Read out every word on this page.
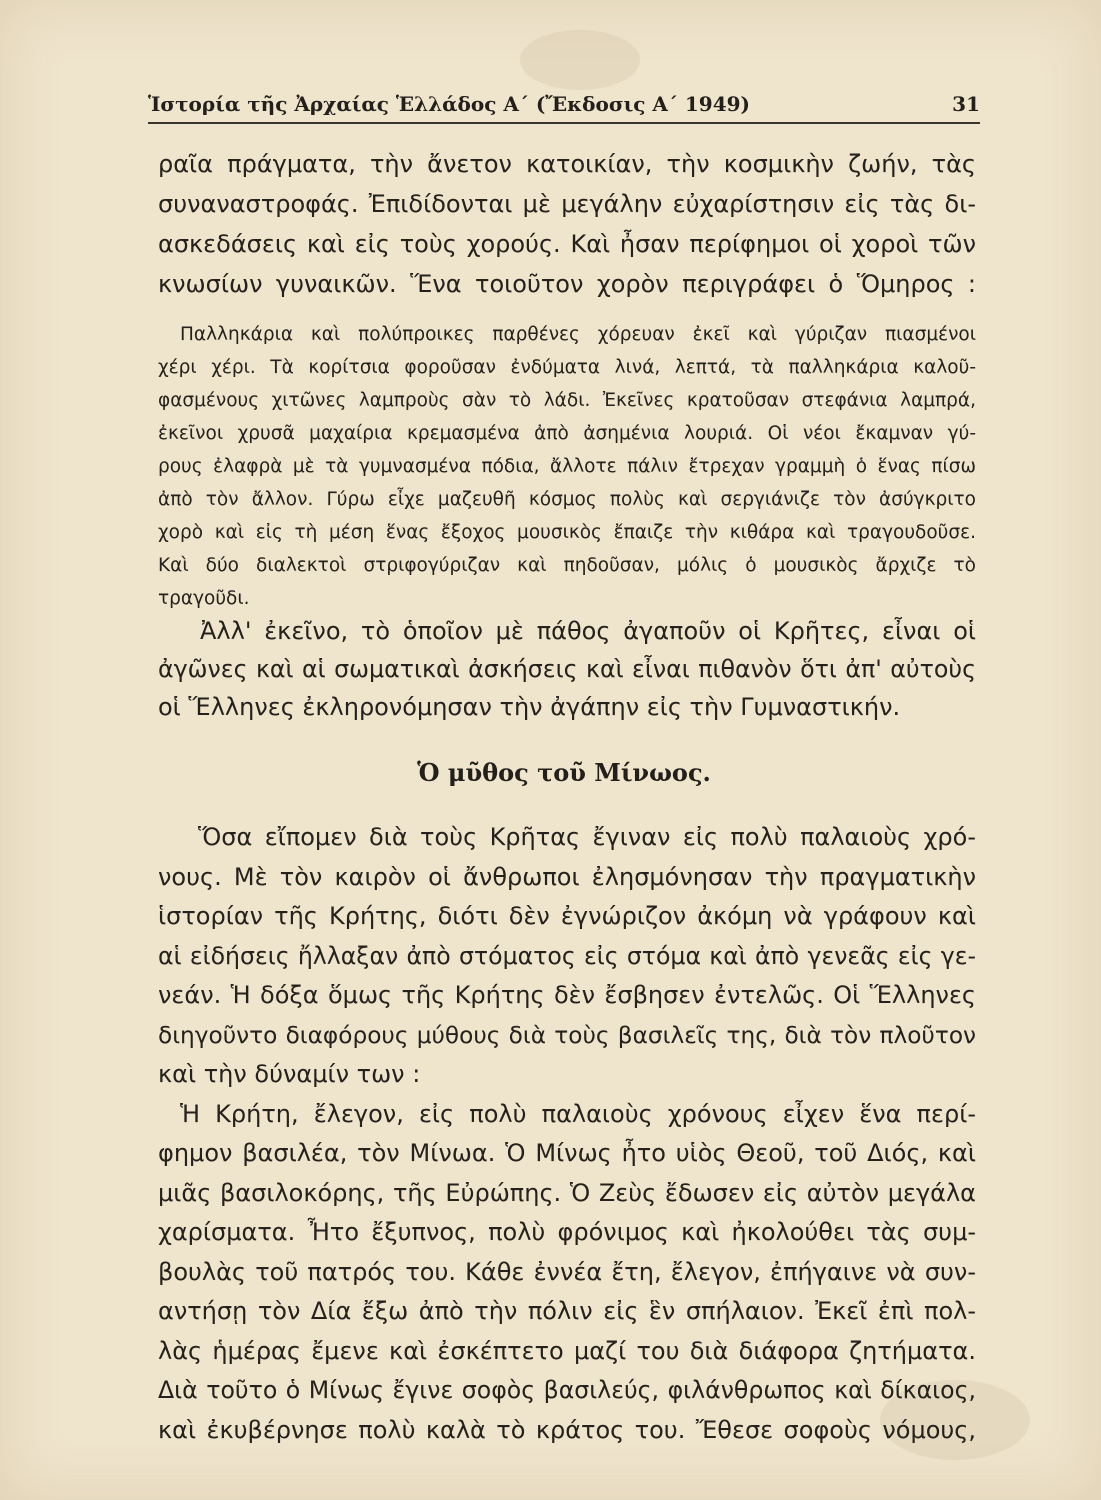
Ἱστορία τῆς Ἀρχαίας Ἑλλάδος Α΄ (Ἔκδοσις Α΄ 1949)	31
ραῖα πράγματα, τὴν ἄνετον κατοικίαν, τὴν κοσμικὴν ζωήν, τὰς
συναναστροφάς. Ἐπιδίδονται μὲ μεγάλην εὐχαρίστησιν εἰς τὰς δι-
ασκεδάσεις καὶ εἰς τοὺς χορούς. Καὶ ἦσαν περίφημοι οἱ χοροὶ τῶν
κνωσίων γυναικῶν. Ἕνα τοιοῦτον χορὸν περιγράφει ὁ Ὅμηρος :
Παλληκάρια καὶ πολύπροικες παρθένες χόρευαν ἐκεῖ καὶ γύριζαν πιασμένοι
χέρι χέρι. Τὰ κορίτσια φοροῦσαν ἐνδύματα λινά, λεπτά, τὰ παλληκάρια καλοῦ-
φασμένους χιτῶνες λαμπροὺς σὰν τὸ λάδι. Ἐκεῖνες κρατοῦσαν στεφάνια λαμπρά,
ἐκεῖνοι χρυσᾶ μαχαίρια κρεμασμένα ἀπὸ ἀσημένια λουριά. Οἱ νέοι ἔκαμναν γύ-
ρους ἐλαφρὰ μὲ τὰ γυμνασμένα πόδια, ἄλλοτε πάλιν ἔτρεχαν γραμμὴ ὁ ἕνας πίσω
ἀπὸ τὸν ἄλλον. Γύρω εἶχε μαζευθῆ κόσμος πολὺς καὶ σεργιάνιζε τὸν ἀσύγκριτο
χορὸ καὶ εἰς τὴ μέση ἕνας ἔξοχος μουσικὸς ἔπαιζε τὴν κιθάρα καὶ τραγουδοῦσε.
Καὶ δύο διαλεκτοὶ στριφογύριζαν καὶ πηδοῦσαν, μόλις ὁ μουσικὸς ἄρχιζε τὸ
τραγοῦδι.
Ἀλλ' ἐκεῖνο, τὸ ὁποῖον μὲ πάθος ἀγαποῦν οἱ Κρῆτες, εἶναι οἱ
ἀγῶνες καὶ αἱ σωματικαὶ ἀσκήσεις καὶ εἶναι πιθανὸν ὅτι ἀπ' αὐτοὺς
οἱ Ἕλληνες ἐκληρονόμησαν τὴν ἀγάπην εἰς τὴν Γυμναστικήν.
Ὁ μῦθος τοῦ Μίνωος.
Ὅσα εἴπομεν διὰ τοὺς Κρῆτας ἔγιναν εἰς πολὺ παλαιοὺς χρό-
νους. Μὲ τὸν καιρὸν οἱ ἄνθρωποι ἐλησμόνησαν τὴν πραγματικὴν
ἱστορίαν τῆς Κρήτης, διότι δὲν ἐγνώριζον ἀκόμη νὰ γράφουν καὶ
αἱ εἰδήσεις ἤλλαξαν ἀπὸ στόματος εἰς στόμα καὶ ἀπὸ γενεᾶς εἰς γε-
νεάν. Ἡ δόξα ὅμως τῆς Κρήτης δὲν ἔσβησεν ἐντελῶς. Οἱ Ἕλληνες
διηγοῦντο διαφόρους μύθους διὰ τοὺς βασιλεῖς της, διὰ τὸν πλοῦτον
καὶ τὴν δύναμίν των :
Ἡ Κρήτη, ἔλεγον, εἰς πολὺ παλαιοὺς χρόνους εἶχεν ἕνα περί-
φημον βασιλέα, τὸν Μίνωα. Ὁ Μίνως ἦτο υἱὸς Θεοῦ, τοῦ Διός, καὶ
μιᾶς βασιλοκόρης, τῆς Εὐρώπης. Ὁ Ζεὺς ἔδωσεν εἰς αὐτὸν μεγάλα
χαρίσματα. Ἦτο ἔξυπνος, πολὺ φρόνιμος καὶ ἠκολούθει τὰς συμ-
βουλὰς τοῦ πατρός του. Κάθε ἐννέα ἔτη, ἔλεγον, ἐπήγαινε νὰ συν-
αντήσῃ τὸν Δία ἔξω ἀπὸ τὴν πόλιν εἰς ἓν σπήλαιον. Ἐκεῖ ἐπὶ πολ-
λὰς ἡμέρας ἔμενε καὶ ἐσκέπτετο μαζί του διὰ διάφορα ζητήματα.
Διὰ τοῦτο ὁ Μίνως ἔγινε σοφὸς βασιλεύς, φιλάνθρωπος καὶ δίκαιος,
καὶ ἐκυβέρνησε πολὺ καλὰ τὸ κράτος του. Ἔθεσε σοφοὺς νόμους,
